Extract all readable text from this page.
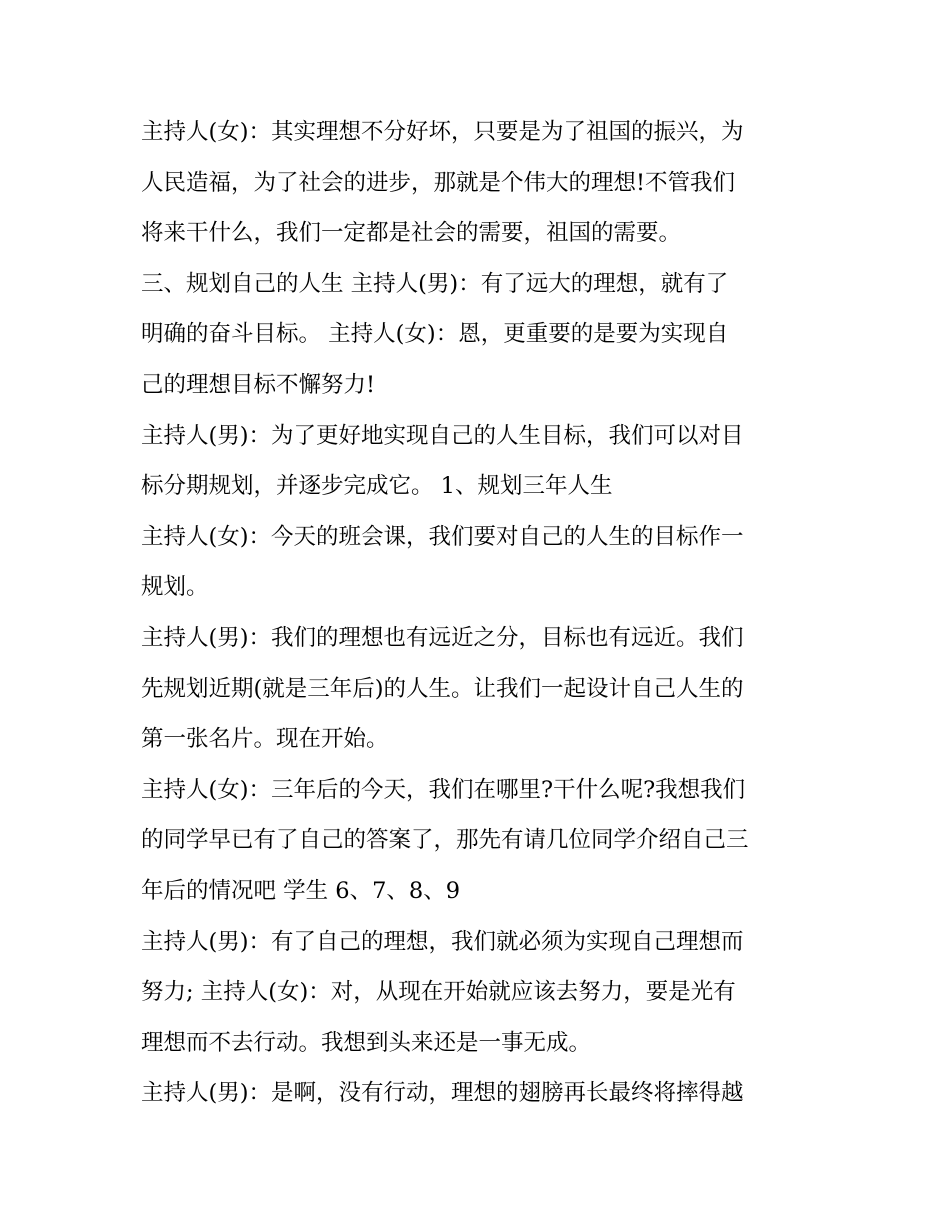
主持人(女)：其实理想不分好坏，只要是为了祖国的振兴，为
人民造福，为了社会的进步，那就是个伟大的理想!不管我们
将来干什么，我们一定都是社会的需要，祖国的需要。
三、规划自己的人生 主持人(男)：有了远大的理想，就有了
明确的奋斗目标。 主持人(女)：恩，更重要的是要为实现自
己的理想目标不懈努力!
主持人(男)：为了更好地实现自己的人生目标，我们可以对目
标分期规划，并逐步完成它。 1、规划三年人生
主持人(女)：今天的班会课，我们要对自己的人生的目标作一
规划。
主持人(男)：我们的理想也有远近之分，目标也有远近。我们
先规划近期(就是三年后)的人生。让我们一起设计自己人生的
第一张名片。现在开始。
主持人(女)：三年后的今天，我们在哪里?干什么呢?我想我们
的同学早已有了自己的答案了，那先有请几位同学介绍自己三
年后的情况吧 学生 6、7、8、9
主持人(男)：有了自己的理想，我们就必须为实现自己理想而
努力; 主持人(女)：对，从现在开始就应该去努力，要是光有
理想而不去行动。我想到头来还是一事无成。
主持人(男)：是啊，没有行动，理想的翅膀再长最终将摔得越
